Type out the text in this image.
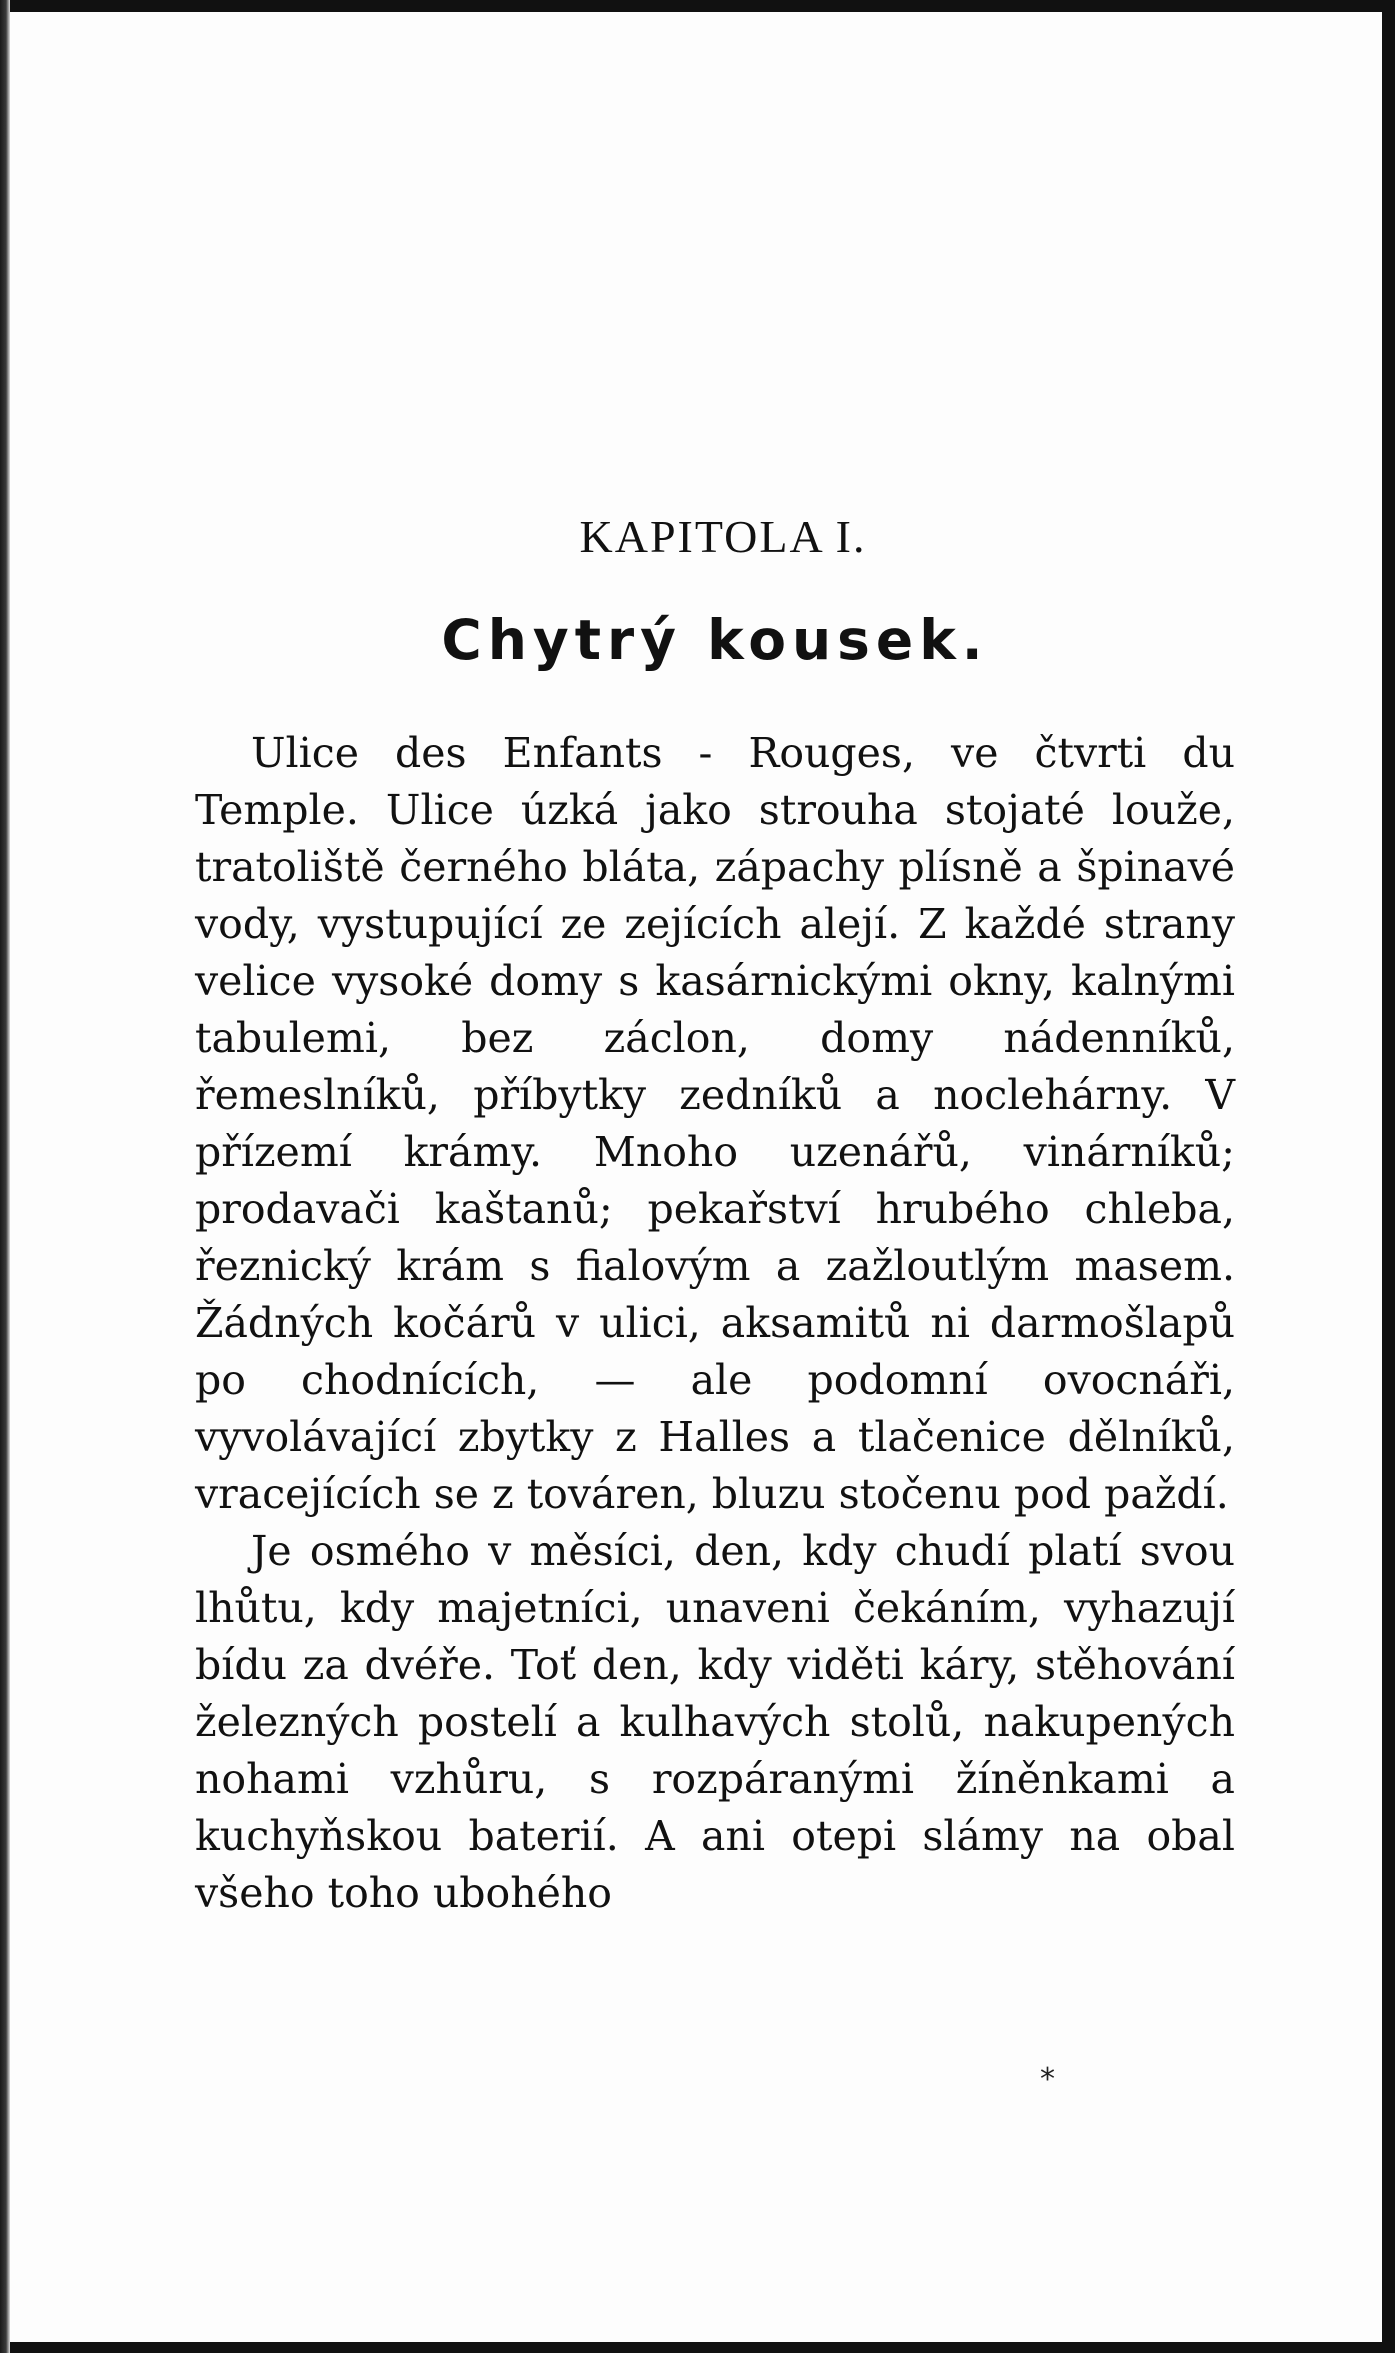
KAPITOLA I.
Chytrý kousek.

Ulice des Enfants - Rouges, ve čtvrti du Temple. Ulice úzká jako strouha stojaté louže, tratoliště černého bláta, zápachy plísně a špinavé vody, vystupující ze zejících alejí. Z každé strany velice vysoké domy s kasárnickými okny, kalnými tabulemi, bez záclon, domy nádenníků, řemeslníků, příbytky zedníků a noclehárny. V přízemí krámy. Mnoho uzenářů, vinárníků; prodavači kaštanů; pekařství hrubého chleba, řeznický krám s fialovým a zažloutlým masem. Žádných kočárů v ulici, aksamitů ni darmošlapů po chodnících, — ale podomní ovocnáři, vyvolávající zbytky z Halles a tlačenice dělníků, vracejících se z továren, bluzu stočenu pod paždí.

Je osmého v měsíci, den, kdy chudí platí svou lhůtu, kdy majetníci, unaveni čekáním, vyhazují bídu za dvéře. Toť den, kdy viděti káry, stěhování železných postelí a kulhavých stolů, nakupených nohami vzhůru, s rozpáranými žíněnkami a kuchyňskou baterií. A ani otepi slámy na obal všeho toho ubohého

*
